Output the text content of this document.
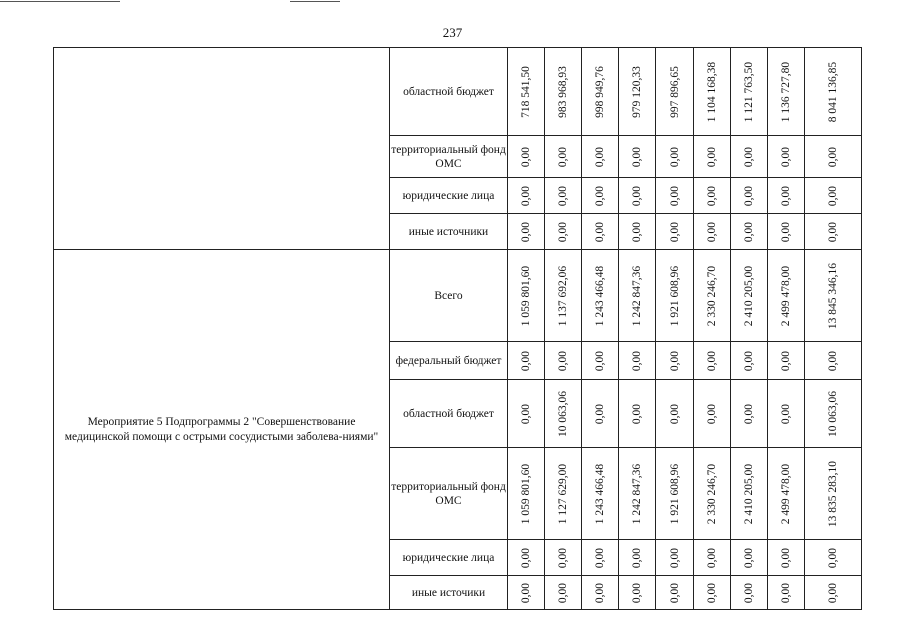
237
	областной бюджет	718 541,50	983 968,93	998 949,76	979 120,33	997 896,65	1 104 168,38	1 121 763,50	1 136 727,80	8 041 136,85

	территориальный фонд ОМС	0,00	0,00	0,00	0,00	0,00	0,00	0,00	0,00	0,00

	юридические лица	0,00	0,00	0,00	0,00	0,00	0,00	0,00	0,00	0,00

	иные источники	0,00	0,00	0,00	0,00	0,00	0,00	0,00	0,00	0,00

Мероприятие 5 Подпрограммы 2 "Совершенствование медицинской помощи с острыми сосудистыми заболева-ниями"	Всего	1 059 801,60	1 137 692,06	1 243 466,48	1 242 847,36	1 921 608,96	2 330 246,70	2 410 205,00	2 499 478,00	13 845 346,16

	федеральный бюджет	0,00	0,00	0,00	0,00	0,00	0,00	0,00	0,00	0,00

	областной бюджет	0,00	10 063,06	0,00	0,00	0,00	0,00	0,00	0,00	10 063,06

	территориальный фонд ОМС	1 059 801,60	1 127 629,00	1 243 466,48	1 242 847,36	1 921 608,96	2 330 246,70	2 410 205,00	2 499 478,00	13 835 283,10

	юридические лица	0,00	0,00	0,00	0,00	0,00	0,00	0,00	0,00	0,00

	иные источики	0,00	0,00	0,00	0,00	0,00	0,00	0,00	0,00	0,00
